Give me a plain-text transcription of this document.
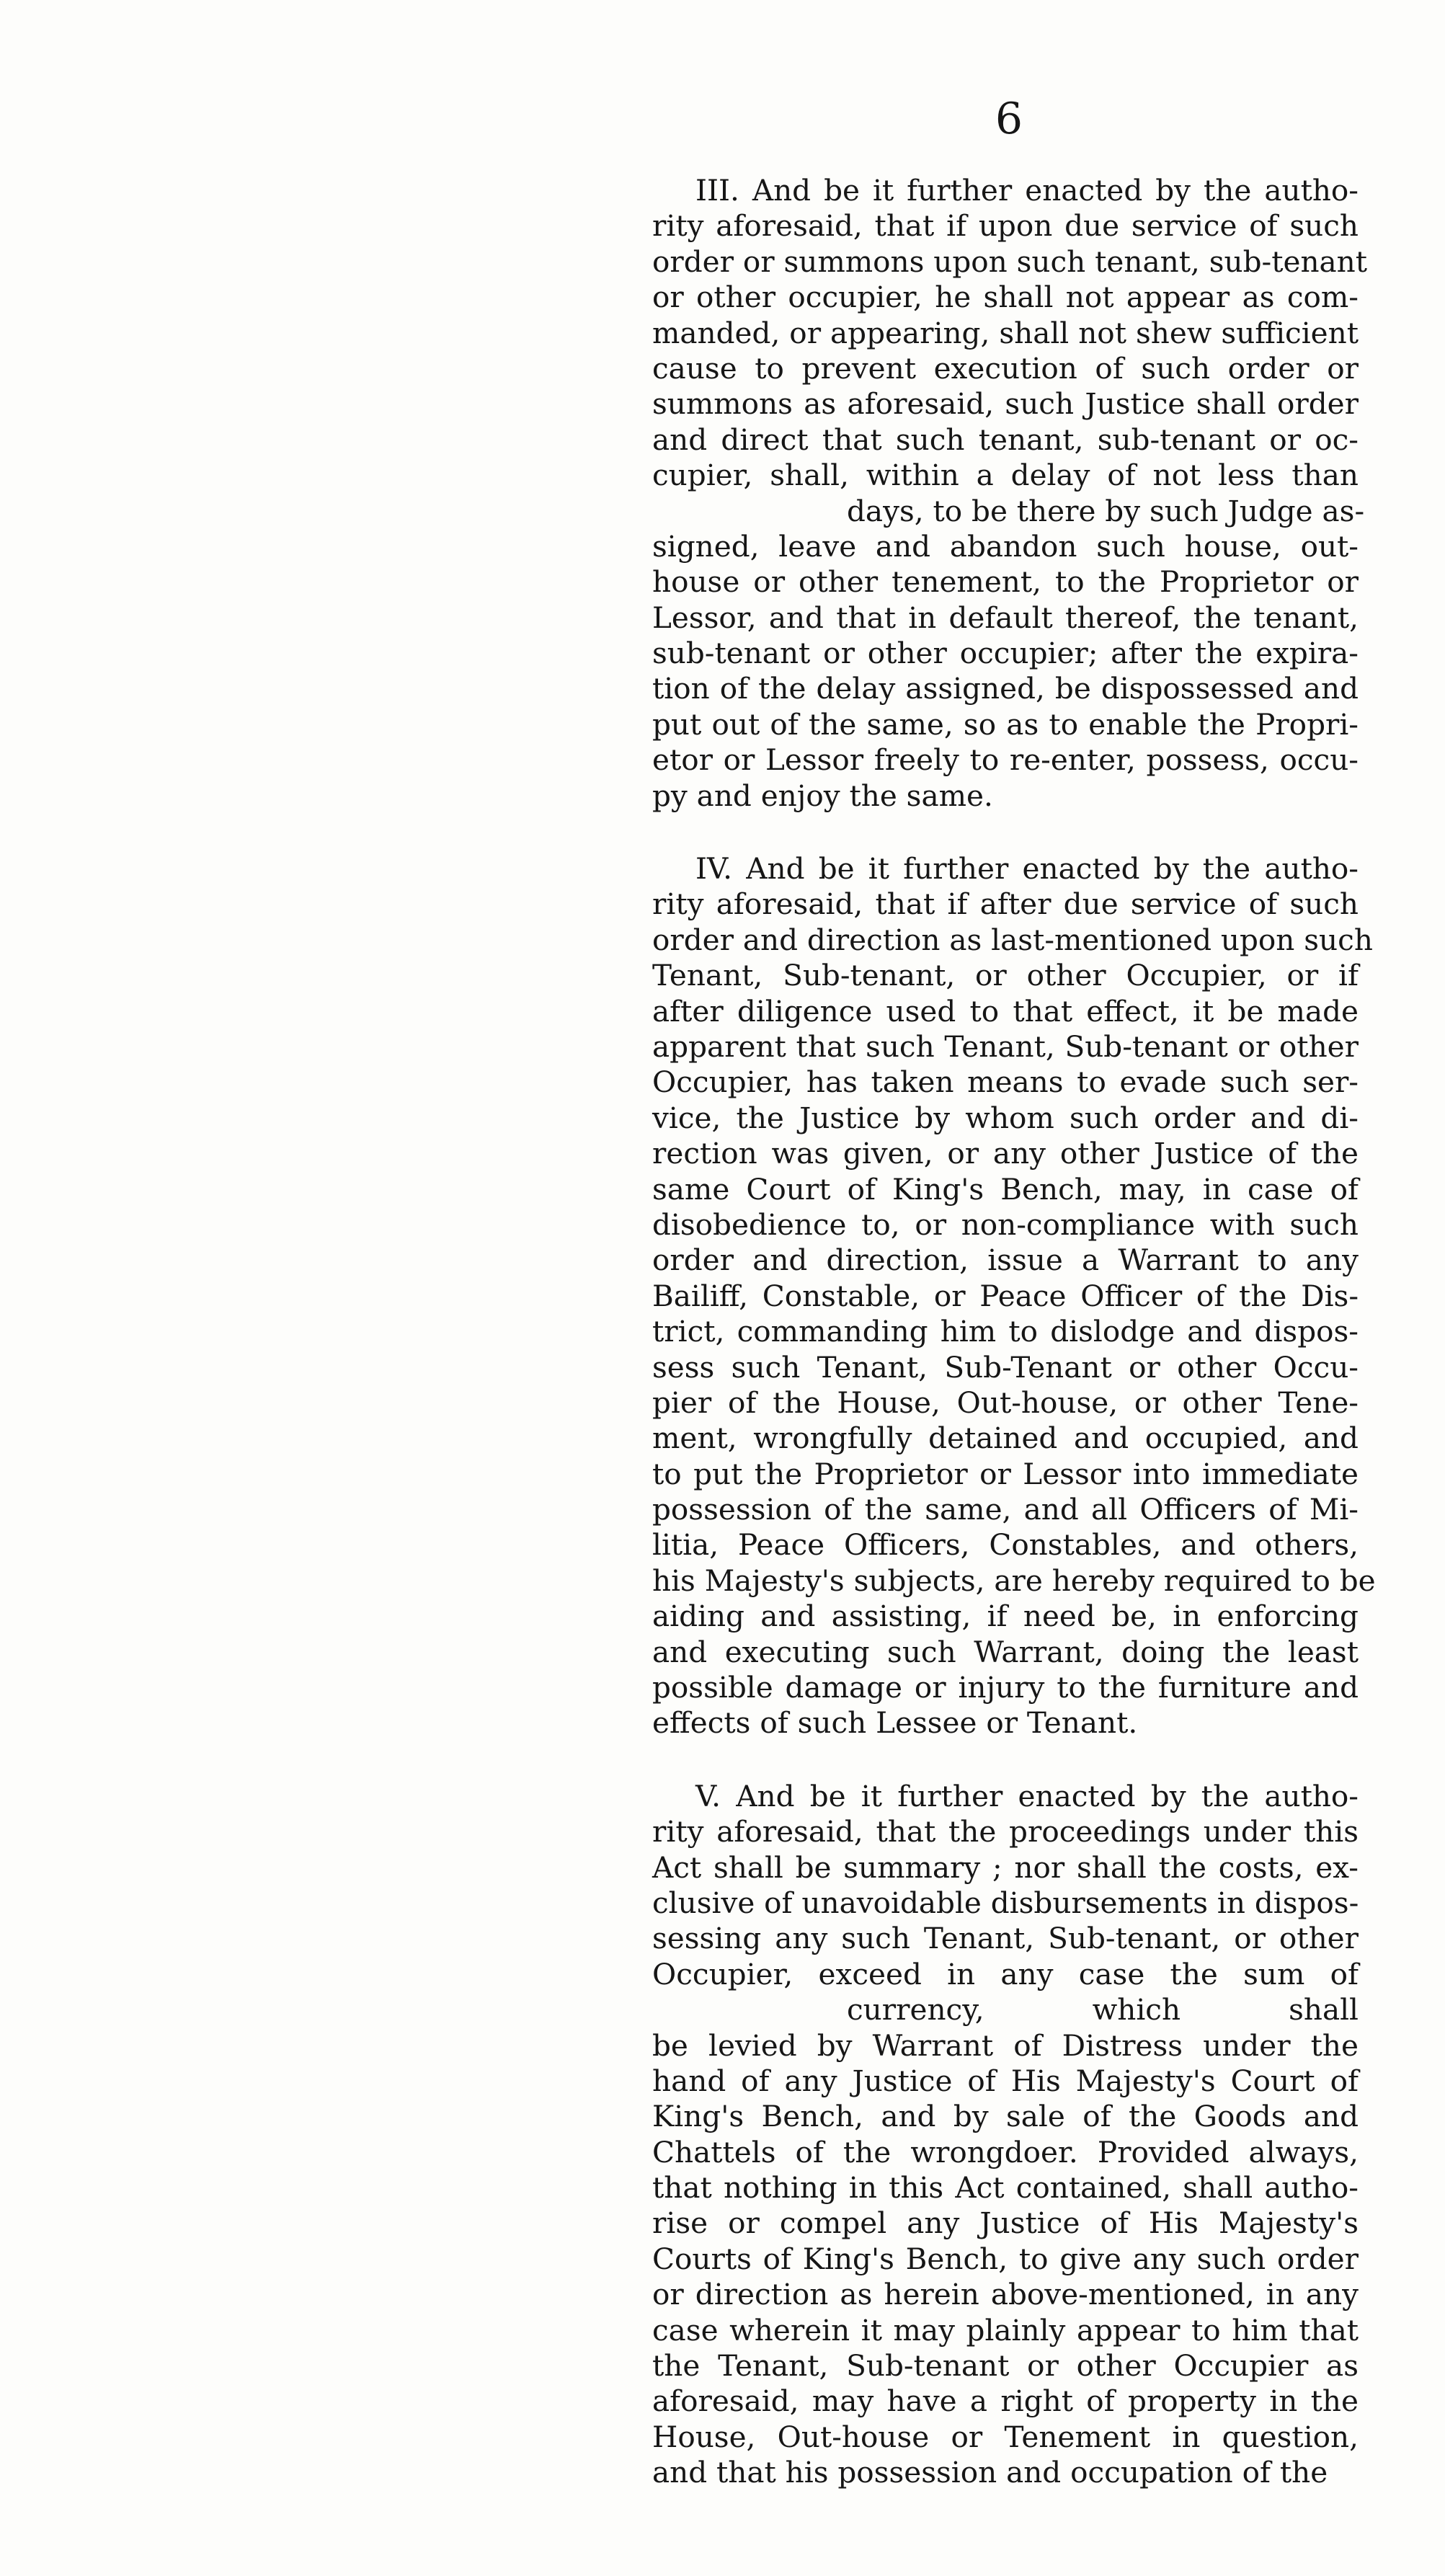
6
III. And be it further enacted by the autho-
rity aforesaid, that if upon due service of such
order or summons upon such tenant, sub-tenant
or other occupier, he shall not appear as com-
manded, or appearing, shall not shew sufficient
cause to prevent execution of such order or
summons as aforesaid, such Justice shall order
and direct that such tenant, sub-tenant or oc-
cupier, shall, within a delay of not less than
days, to be there by such Judge as-
signed, leave and abandon such house, out-
house or other tenement, to the Proprietor or
Lessor, and that in default thereof, the tenant,
sub-tenant or other occupier; after the expira-
tion of the delay assigned, be dispossessed and
put out of the same, so as to enable the Propri-
etor or Lessor freely to re-enter, possess, occu-
py and enjoy the same.
IV. And be it further enacted by the autho-
rity aforesaid, that if after due service of such
order and direction as last-mentioned upon such
Tenant, Sub-tenant, or other Occupier, or if
after diligence used to that effect, it be made
apparent that such Tenant, Sub-tenant or other
Occupier, has taken means to evade such ser-
vice, the Justice by whom such order and di-
rection was given, or any other Justice of the
same Court of King's Bench, may, in case of
disobedience to, or non-compliance with such
order and direction, issue a Warrant to any
Bailiff, Constable, or Peace Officer of the Dis-
trict, commanding him to dislodge and dispos-
sess such Tenant, Sub-Tenant or other Occu-
pier of the House, Out-house, or other Tene-
ment, wrongfully detained and occupied, and
to put the Proprietor or Lessor into immediate
possession of the same, and all Officers of Mi-
litia, Peace Officers, Constables, and others,
his Majesty's subjects, are hereby required to be
aiding and assisting, if need be, in enforcing
and executing such Warrant, doing the least
possible damage or injury to the furniture and
effects of such Lessee or Tenant.
V. And be it further enacted by the autho-
rity aforesaid, that the proceedings under this
Act shall be summary ; nor shall the costs, ex-
clusive of unavoidable disbursements in dispos-
sessing any such Tenant, Sub-tenant, or other
Occupier, exceed in any case the sum of
currency, which shall
be levied by Warrant of Distress under the
hand of any Justice of His Majesty's Court of
King's Bench, and by sale of the Goods and
Chattels of the wrongdoer. Provided always,
that nothing in this Act contained, shall autho-
rise or compel any Justice of His Majesty's
Courts of King's Bench, to give any such order
or direction as herein above-mentioned, in any
case wherein it may plainly appear to him that
the Tenant, Sub-tenant or other Occupier as
aforesaid, may have a right of property in the
House, Out-house or Tenement in question,
and that his possession and occupation of the
